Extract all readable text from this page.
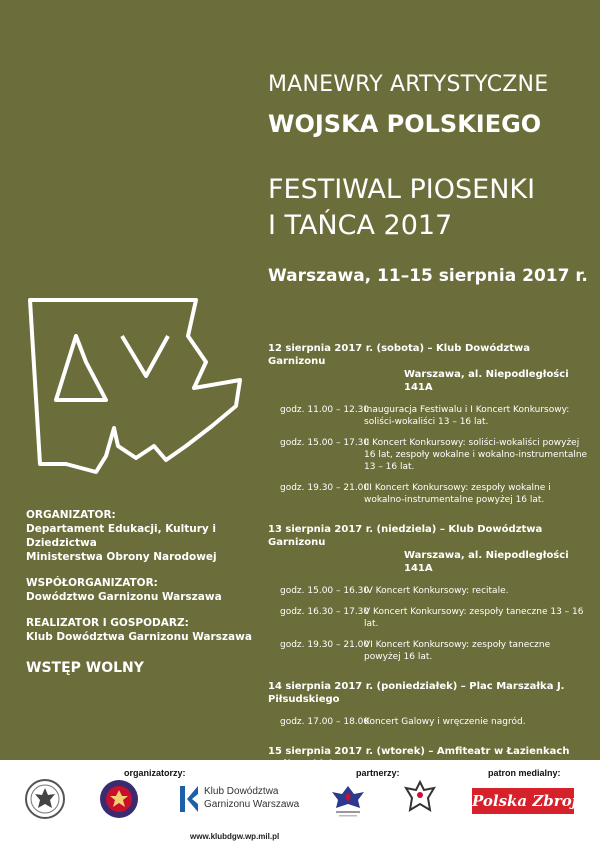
MANEWRY ARTYSTYCZNE
WOJSKA POLSKIEGO
FESTIWAL PIOSENKI
I TAŃCA 2017
Warszawa, 11–15 sierpnia 2017 r.
ORGANIZATOR:
Departament Edukacji, Kultury i Dziedzictwa
Ministerstwa Obrony Narodowej
WSPÓŁORGANIZATOR:
Dowództwo Garnizonu Warszawa
REALIZATOR I GOSPODARZ:
Klub Dowództwa Garnizonu Warszawa
WSTĘP WOLNY
12 sierpnia 2017 r. (sobota) – Klub Dowództwa Garnizonu
Warszawa, al. Niepodległości 141A
godz. 11.00 – 12.30
Inauguracja Festiwalu i I Koncert Konkursowy: soliści-wokaliści 13 – 16 lat.
godz. 15.00 – 17.30
II Koncert Konkursowy: soliści-wokaliści powyżej 16 lat, zespoły wokalne i wokalno-instrumentalne 13 – 16 lat.
godz. 19.30 – 21.00
III Koncert Konkursowy: zespoły wokalne i wokalno-instrumentalne powyżej 16 lat.
13 sierpnia 2017 r. (niedziela) – Klub Dowództwa Garnizonu
Warszawa, al. Niepodległości 141A
godz. 15.00 – 16.30
IV Koncert Konkursowy: recitale.
godz. 16.30 – 17.30
V Koncert Konkursowy: zespoły taneczne 13 – 16 lat.
godz. 19.30 – 21.00
VI Koncert Konkursowy: zespoły taneczne powyżej 16 lat.
14 sierpnia 2017 r. (poniedziałek) – Plac Marszałka J. Piłsudskiego
godz. 17.00 – 18.00
Koncert Galowy i wręczenie nagród.
15 sierpnia 2017 r. (wtorek) – Amfiteatr w Łazienkach
organizatorzy:	partnerzy:	patron medialny:
Klub Dowództwa
Garnizonu Warszawa
www.klubdgw.wp.mil.pl
Polska Zbrojna
